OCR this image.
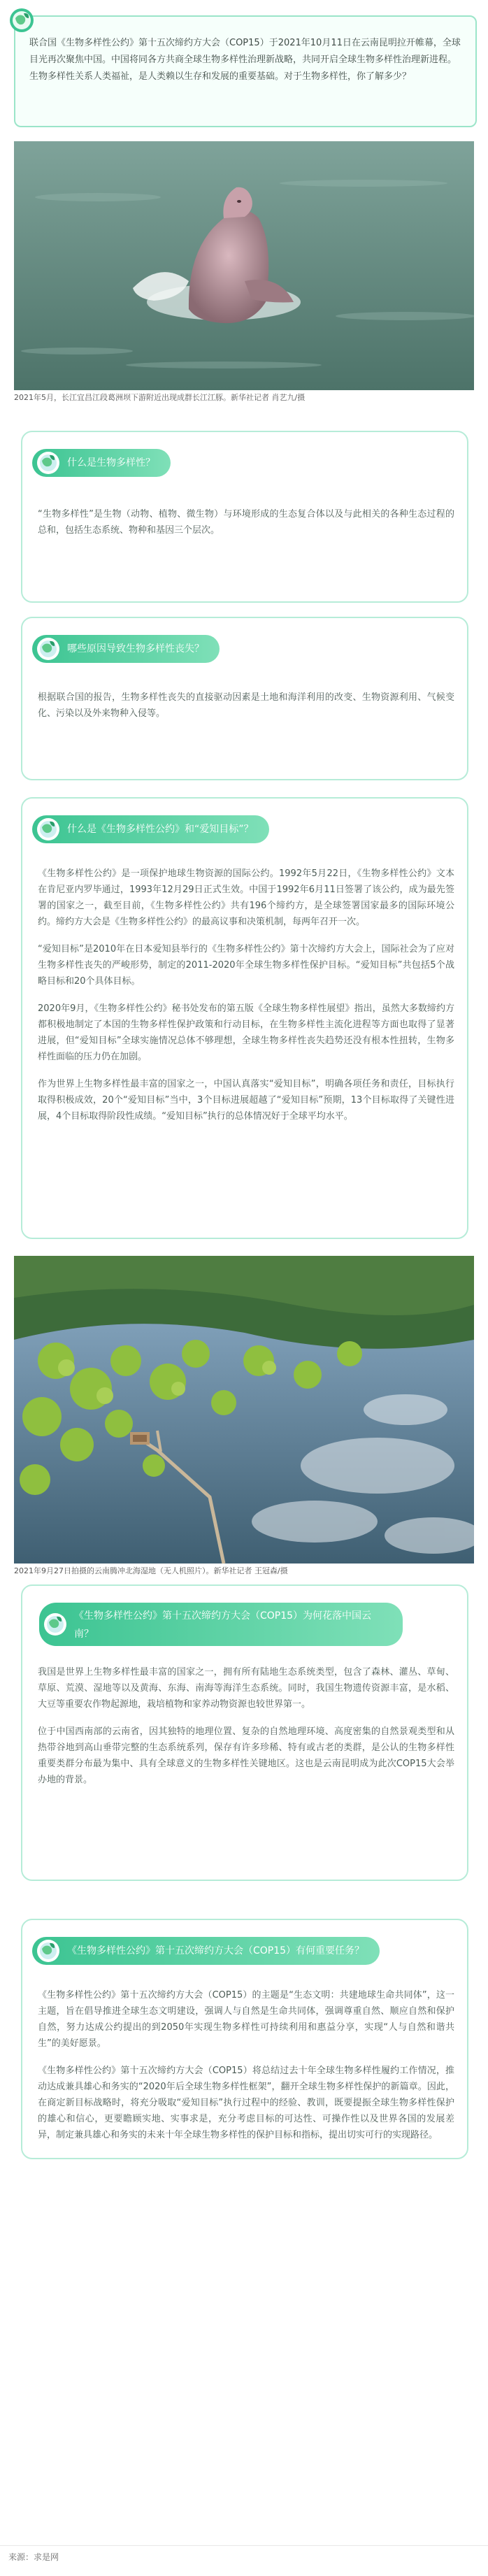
联合国《生物多样性公约》第十五次缔约方大会（COP15）于2021年10月11日在云南昆明拉开帷幕，全球目光再次聚焦中国。中国将同各方共商全球生物多样性治理新战略，共同开启全球生物多样性治理新进程。生物多样性关系人类福祉，是人类赖以生存和发展的重要基础。对于生物多样性，你了解多少？

2021年5月，长江宜昌江段葛洲坝下游附近出现成群长江江豚。新华社记者 肖艺九/摄
什么是生物多样性？

“生物多样性”是生物（动物、植物、微生物）与环境形成的生态复合体以及与此相关的各种生态过程的总和，包括生态系统、物种和基因三个层次。

哪些原因导致生物多样性丧失？

根据联合国的报告，生物多样性丧失的直接驱动因素是土地和海洋利用的改变、生物资源利用、气候变化、污染以及外来物种入侵等。

什么是《生物多样性公约》和“爱知目标”？

《生物多样性公约》是一项保护地球生物资源的国际公约。1992年5月22日，《生物多样性公约》文本在肯尼亚内罗毕通过，1993年12月29日正式生效。中国于1992年6月11日签署了该公约，成为最先签署的国家之一，截至目前，《生物多样性公约》共有196个缔约方，是全球签署国家最多的国际环境公约。缔约方大会是《生物多样性公约》的最高议事和决策机制，每两年召开一次。

“爱知目标”是2010年在日本爱知县举行的《生物多样性公约》第十次缔约方大会上，国际社会为了应对生物多样性丧失的严峻形势，制定的2011-2020年全球生物多样性保护目标。“爱知目标”共包括5个战略目标和20个具体目标。

2020年9月，《生物多样性公约》秘书处发布的第五版《全球生物多样性展望》指出，虽然大多数缔约方都积极地制定了本国的生物多样性保护政策和行动目标，在生物多样性主流化进程等方面也取得了显著进展，但“爱知目标”全球实施情况总体不够理想，全球生物多样性丧失趋势还没有根本性扭转，生物多样性面临的压力仍在加剧。

作为世界上生物多样性最丰富的国家之一，中国认真落实“爱知目标”，明确各项任务和责任，目标执行取得积极成效，20个“爱知目标”当中，3个目标进展超越了“爱知目标”预期，13个目标取得了关键性进展，4个目标取得阶段性成绩。“爱知目标”执行的总体情况好于全球平均水平。

2021年9月27日拍摄的云南腾冲北海湿地（无人机照片）。新华社记者 王冠森/摄
《生物多样性公约》第十五次缔约方大会（COP15）为何花落中国云南？

我国是世界上生物多样性最丰富的国家之一，拥有所有陆地生态系统类型，包含了森林、灌丛、草甸、草原、荒漠、湿地等以及黄海、东海、南海等海洋生态系统。同时，我国生物遗传资源丰富，是水稻、大豆等重要农作物起源地，栽培植物和家养动物资源也较世界第一。

位于中国西南部的云南省，因其独特的地理位置、复杂的自然地理环境、高度密集的自然景观类型和从热带谷地到高山垂带完整的生态系统系列，保存有许多珍稀、特有或古老的类群，是公认的生物多样性重要类群分布最为集中、具有全球意义的生物多样性关键地区。这也是云南昆明成为此次COP15大会举办地的背景。

《生物多样性公约》第十五次缔约方大会（COP15）有何重要任务？

《生物多样性公约》第十五次缔约方大会（COP15）的主题是“生态文明：共建地球生命共同体”，这一主题，旨在倡导推进全球生态文明建设，强调人与自然是生命共同体，强调尊重自然、顺应自然和保护自然，努力达成公约提出的到2050年实现生物多样性可持续利用和惠益分享，实现“人与自然和谐共生”的美好愿景。

《生物多样性公约》第十五次缔约方大会（COP15）将总结过去十年全球生物多样性履约工作情况，推动达成兼具雄心和务实的“2020年后全球生物多样性框架”，翻开全球生物多样性保护的新篇章。因此，在商定新目标战略时，将充分吸取“爱知目标”执行过程中的经验、教训，既要提振全球生物多样性保护的雄心和信心，更要瞻顾实地、实事求是，充分考虑目标的可达性、可操作性以及世界各国的发展差异，制定兼具雄心和务实的未来十年全球生物多样性的保护目标和指标，提出切实可行的实现路径。

来源：求是网
